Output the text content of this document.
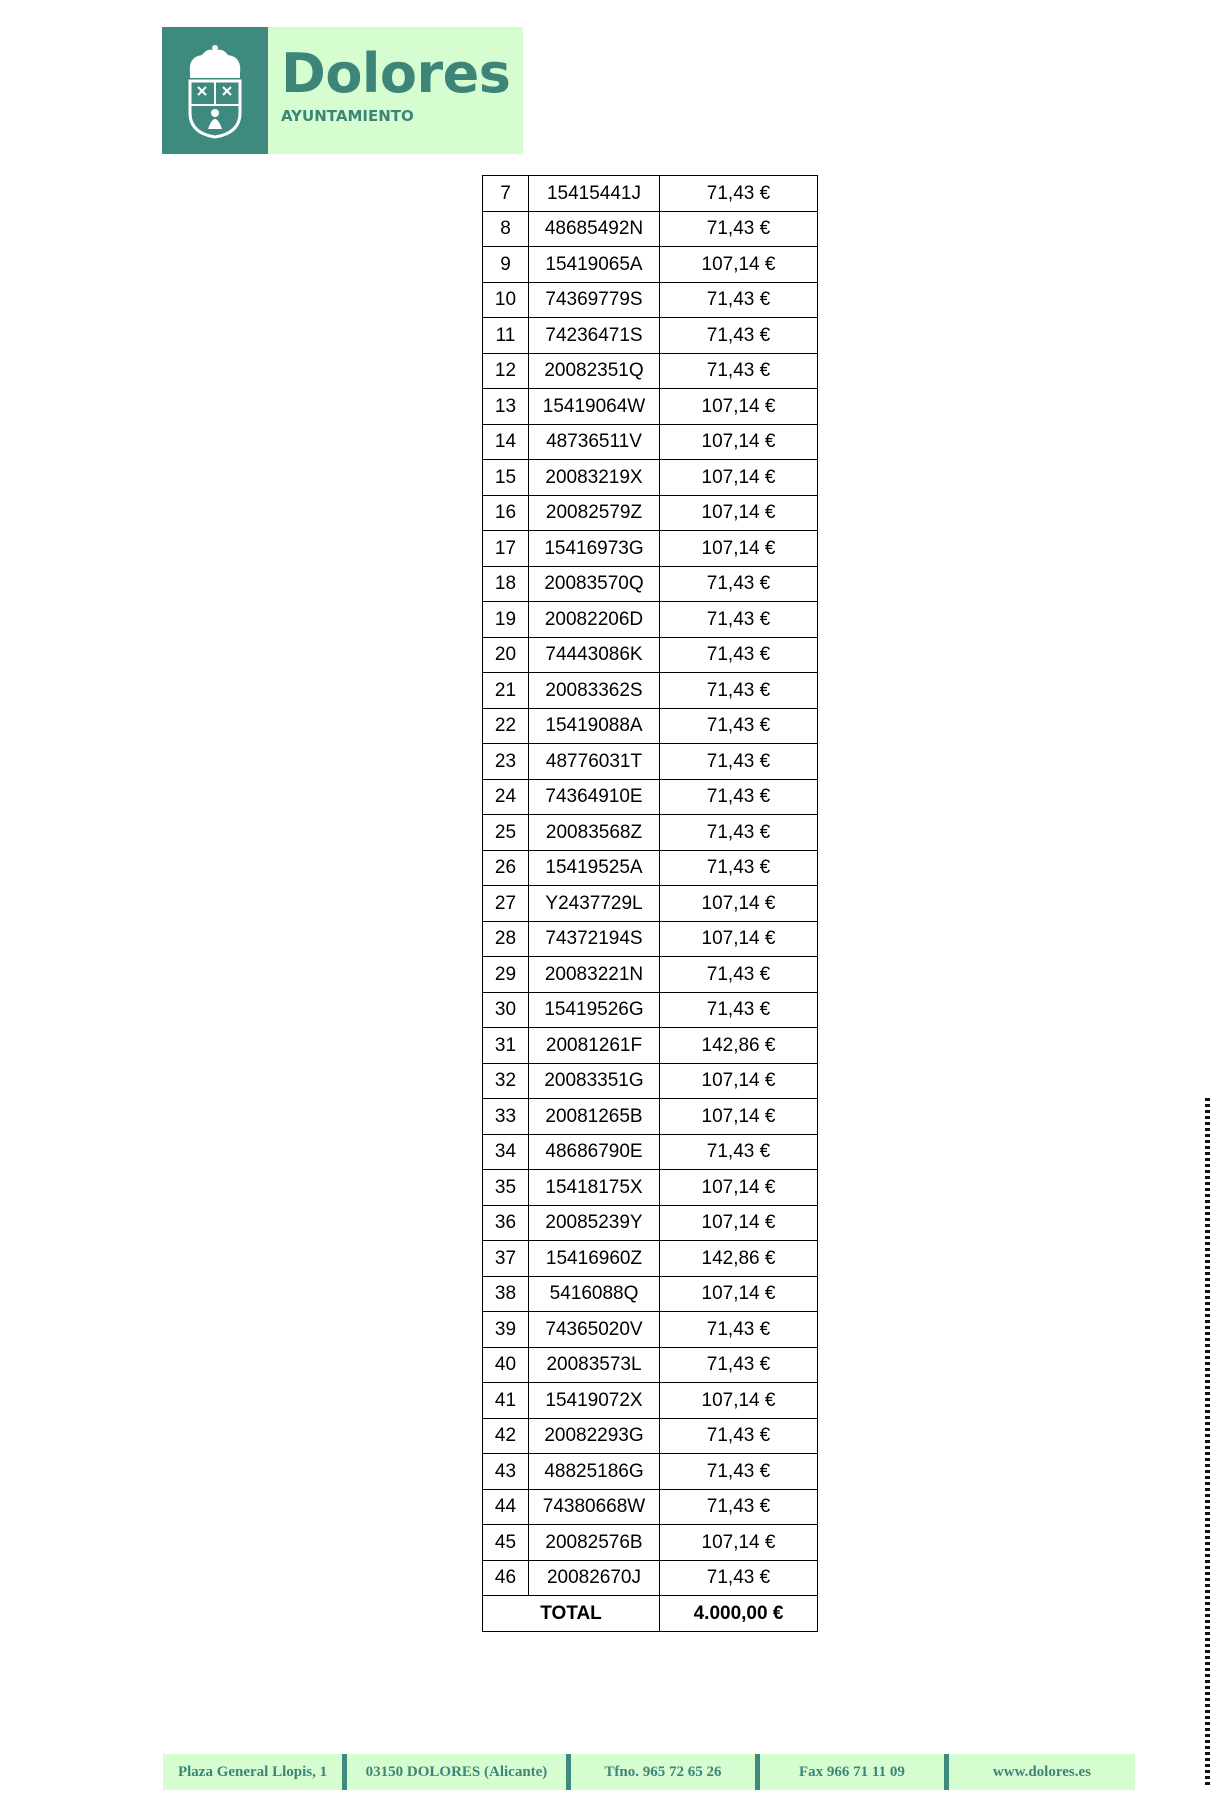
Dolores
AYUNTAMIENTO
7	15415441J	71,43 €
8	48685492N	71,43 €
9	15419065A	107,14 €
10	74369779S	71,43 €
11	74236471S	71,43 €
12	20082351Q	71,43 €
13	15419064W	107,14 €
14	48736511V	107,14 €
15	20083219X	107,14 €
16	20082579Z	107,14 €
17	15416973G	107,14 €
18	20083570Q	71,43 €
19	20082206D	71,43 €
20	74443086K	71,43 €
21	20083362S	71,43 €
22	15419088A	71,43 €
23	48776031T	71,43 €
24	74364910E	71,43 €
25	20083568Z	71,43 €
26	15419525A	71,43 €
27	Y2437729L	107,14 €
28	74372194S	107,14 €
29	20083221N	71,43 €
30	15419526G	71,43 €
31	20081261F	142,86 €
32	20083351G	107,14 €
33	20081265B	107,14 €
34	48686790E	71,43 €
35	15418175X	107,14 €
36	20085239Y	107,14 €
37	15416960Z	142,86 €
38	5416088Q	107,14 €
39	74365020V	71,43 €
40	20083573L	71,43 €
41	15419072X	107,14 €
42	20082293G	71,43 €
43	48825186G	71,43 €
44	74380668W	71,43 €
45	20082576B	107,14 €
46	20082670J	71,43 €
TOTAL		4.000,00 €
Plaza General Llopis, 1	03150 DOLORES (Alicante)	Tfno. 965 72 65 26	Fax 966 71 11 09	www.dolores.es
